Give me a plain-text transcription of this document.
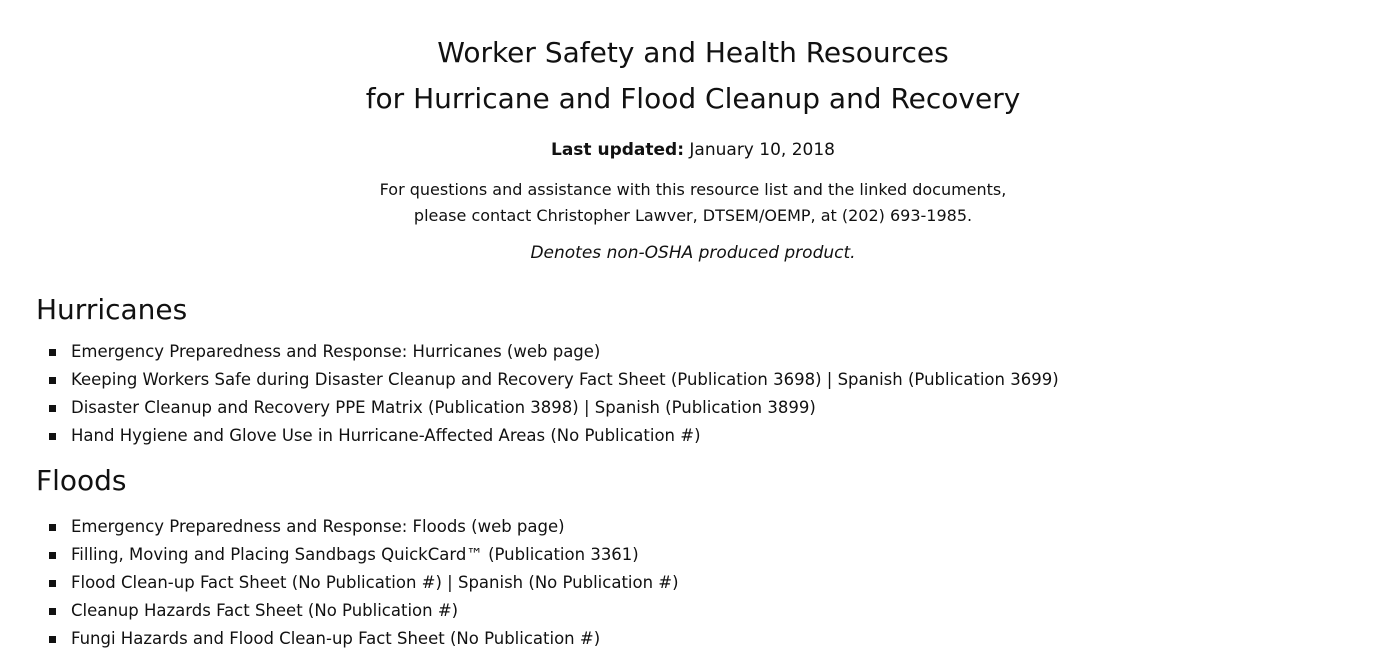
Worker Safety and Health Resources
for Hurricane and Flood Cleanup and Recovery

Last updated: January 10, 2018

For questions and assistance with this resource list and the linked documents,
please contact Christopher Lawver, DTSEM/OEMP, at (202) 693-1985.

Denotes non-OSHA produced product.

Hurricanes
Emergency Preparedness and Response: Hurricanes (web page)
Keeping Workers Safe during Disaster Cleanup and Recovery Fact Sheet (Publication 3698) | Spanish (Publication 3699)
Disaster Cleanup and Recovery PPE Matrix (Publication 3898) | Spanish (Publication 3899)
Hand Hygiene and Glove Use in Hurricane-Affected Areas (No Publication #)
Floods
Emergency Preparedness and Response: Floods (web page)
Filling, Moving and Placing Sandbags QuickCard™ (Publication 3361)
Flood Clean-up Fact Sheet (No Publication #) | Spanish (No Publication #)
Cleanup Hazards Fact Sheet (No Publication #)
Fungi Hazards and Flood Clean-up Fact Sheet (No Publication #)
